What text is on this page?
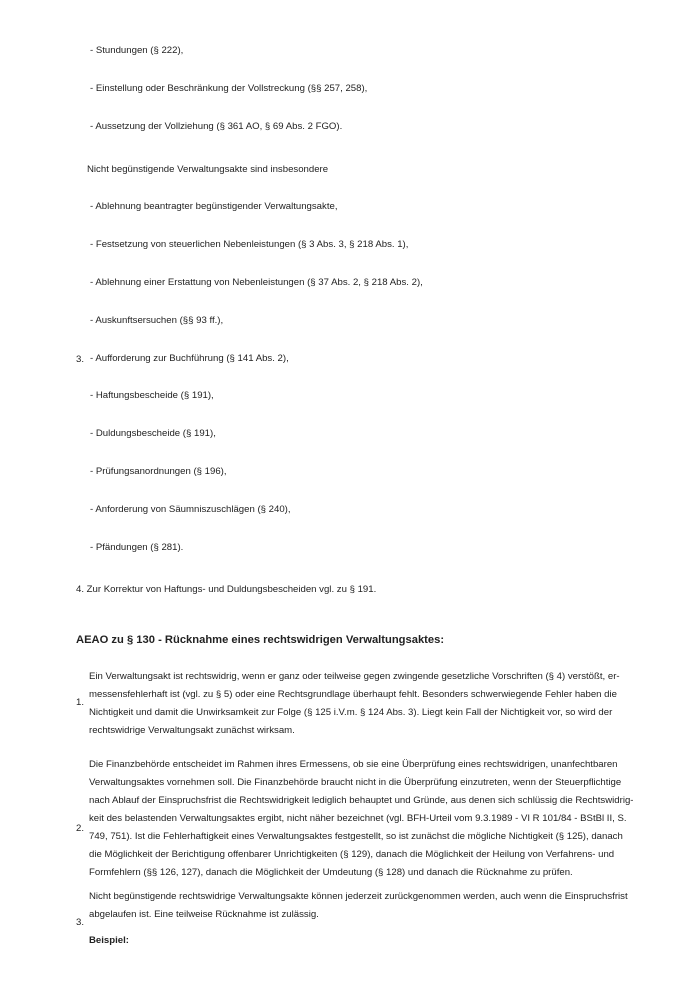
- Stundungen (§ 222),
- Einstellung oder Beschränkung der Vollstreckung (§§ 257, 258),
- Aussetzung der Vollziehung (§ 361 AO, § 69 Abs. 2 FGO).
Nicht begünstigende Verwaltungsakte sind insbesondere
- Ablehnung beantragter begünstigender Verwaltungsakte,
- Festsetzung von steuerlichen Nebenleistungen (§ 3 Abs. 3, § 218 Abs. 1),
- Ablehnung einer Erstattung von Nebenleistungen (§ 37 Abs. 2, § 218 Abs. 2),
- Auskunftsersuchen (§§ 93 ff.),
3. - Aufforderung zur Buchführung (§ 141 Abs. 2),
- Haftungsbescheide (§ 191),
- Duldungsbescheide (§ 191),
- Prüfungsanordnungen (§ 196),
- Anforderung von Säumniszuschlägen (§ 240),
- Pfändungen (§ 281).
4. Zur Korrektur von Haftungs- und Duldungsbescheiden vgl. zu § 191.
AEAO zu § 130 - Rücknahme eines rechtswidrigen Verwaltungsaktes:
1.
Ein Verwaltungsakt ist rechtswidrig, wenn er ganz oder teilweise gegen zwingende gesetzliche Vorschriften (§ 4) verstößt, er-
messensfehlerhaft ist (vgl. zu § 5) oder eine Rechtsgrundlage überhaupt fehlt. Besonders schwerwiegende Fehler haben die
Nichtigkeit und damit die Unwirksamkeit zur Folge (§ 125 i.V.m. § 124 Abs. 3). Liegt kein Fall der Nichtigkeit vor, so wird der
rechtswidrige Verwaltungsakt zunächst wirksam.
2.
Die Finanzbehörde entscheidet im Rahmen ihres Ermessens, ob sie eine Überprüfung eines rechtswidrigen, unanfechtbaren
Verwaltungsaktes vornehmen soll. Die Finanzbehörde braucht nicht in die Überprüfung einzutreten, wenn der Steuerpflichtige
nach Ablauf der Einspruchsfrist die Rechtswidrigkeit lediglich behauptet und Gründe, aus denen sich schlüssig die Rechtswidrig-
keit des belastenden Verwaltungsaktes ergibt, nicht näher bezeichnet (vgl. BFH-Urteil vom 9.3.1989 - VI R 101/84 - BStBl II, S.
749, 751). Ist die Fehlerhaftigkeit eines Verwaltungsaktes festgestellt, so ist zunächst die mögliche Nichtigkeit (§ 125), danach
die Möglichkeit der Berichtigung offenbarer Unrichtigkeiten (§ 129), danach die Möglichkeit der Heilung von Verfahrens- und
Formfehlern (§§ 126, 127), danach die Möglichkeit der Umdeutung (§ 128) und danach die Rücknahme zu prüfen.
3.
Nicht begünstigende rechtswidrige Verwaltungsakte können jederzeit zurückgenommen werden, auch wenn die Einspruchsfrist
abgelaufen ist. Eine teilweise Rücknahme ist zulässig.
Beispiel:
